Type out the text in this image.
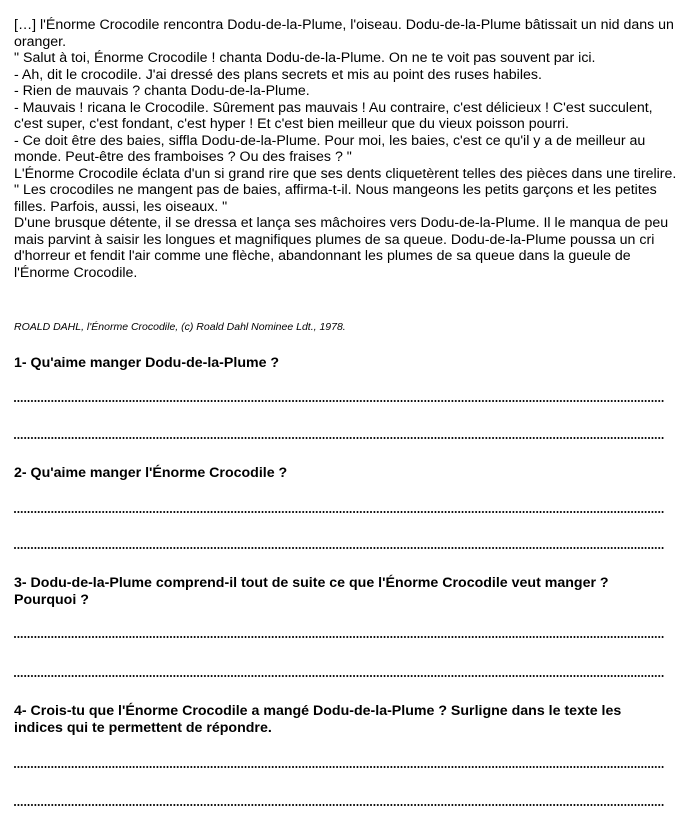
[…] l'Énorme Crocodile rencontra Dodu-de-la-Plume, l'oiseau. Dodu-de-la-Plume bâtissait un nid dans un oranger.

" Salut à toi, Énorme Crocodile ! chanta Dodu-de-la-Plume. On ne te voit pas souvent par ici.

- Ah, dit le crocodile. J'ai dressé des plans secrets et mis au point des ruses habiles.

- Rien de mauvais ? chanta Dodu-de-la-Plume.

- Mauvais ! ricana le Crocodile. Sûrement pas mauvais ! Au contraire, c'est délicieux ! C'est succulent, c'est super, c'est fondant, c'est hyper ! Et c'est bien meilleur que du vieux poisson pourri.

- Ce doit être des baies, siffla Dodu-de-la-Plume. Pour moi, les baies, c'est ce qu'il y a de meilleur au monde. Peut-être des framboises ? Ou des fraises ? "

L'Énorme Crocodile éclata d'un si grand rire que ses dents cliquetèrent telles des pièces dans une tirelire.

" Les crocodiles ne mangent pas de baies, affirma-t-il. Nous mangeons les petits garçons et les petites filles. Parfois, aussi, les oiseaux. "

D'une brusque détente, il se dressa et lança ses mâchoires vers Dodu-de-la-Plume. Il le manqua de peu mais parvint à saisir les longues et magnifiques plumes de sa queue. Dodu-de-la-Plume poussa un cri d'horreur et fendit l'air comme une flèche, abandonnant les plumes de sa queue dans la gueule de l'Énorme Crocodile.

ROALD DAHL, l'Énorme Crocodile, (c) Roald Dahl Nominee Ldt., 1978.
1- Qu'aime manger Dodu-de-la-Plume ?
2- Qu'aime manger l'Énorme Crocodile ?
3- Dodu-de-la-Plume comprend-il tout de suite ce que l'Énorme Crocodile veut manger ? Pourquoi ?
4- Crois-tu que l'Énorme Crocodile a mangé Dodu-de-la-Plume ? Surligne dans le texte les indices qui te permettent de répondre.
